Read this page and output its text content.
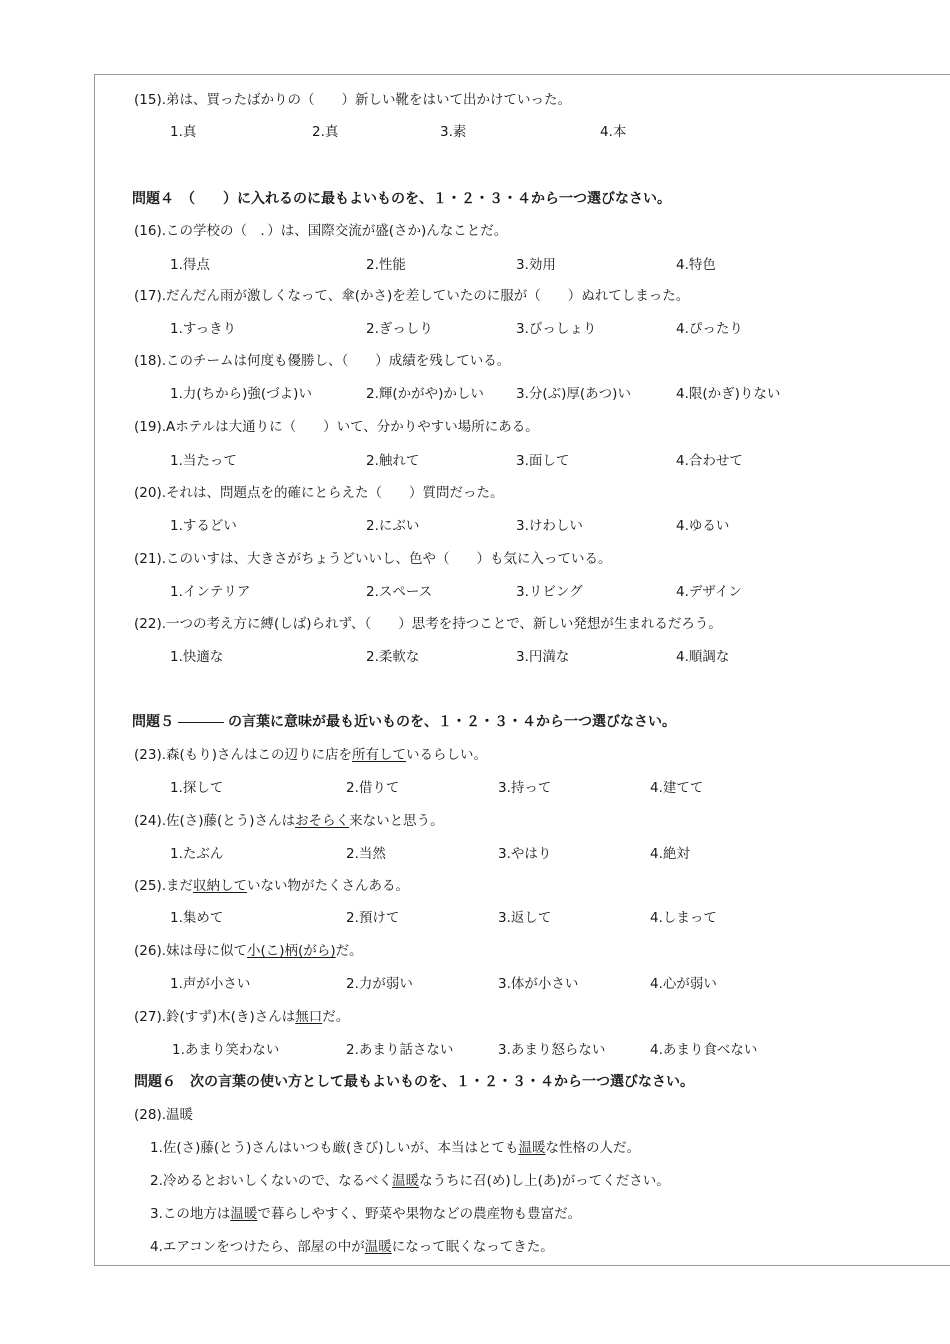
(15).弟は、買ったばかりの（　　）新しい靴をはいて出かけていった。
1.真	2.真	3.素	4.本
問題４　（　　）に入れるのに最もよいものを、１・２・３・４から一つ選びなさい。
(16).この学校の（　．）は、国際交流が盛(さか)んなことだ。
1.得点	2.性能	3.効用	4.特色
(17).だんだん雨が激しくなって、傘(かさ)を差していたのに服が（　　）ぬれてしまった。
1.すっきり	2.ぎっしり	3.びっしょり	4.ぴったり
(18).このチームは何度も優勝し、（　　）成績を残している。
1.力(ちから)強(づよ)い	2.輝(かがや)かしい 3.分(ぶ)厚(あつ)い	4.限(かぎ)りない
(19).Aホテルは大通りに（　　）いて、分かりやすい場所にある。
1.当たって	2.触れて	3.面して	4.合わせて
(20).それは、問題点を的確にとらえた（　　）質問だった。
1.するどい	2.にぶい	3.けわしい	4.ゆるい
(21).このいすは、大きさがちょうどいいし、色や（　　）も気に入っている。
1.インテリア	2.スペース	3.リビング	4.デザイン
(22).一つの考え方に縛(しば)られず、（　　）思考を持つことで、新しい発想が生まれるだろう。
1.快適な	2.柔軟な	3.円満な	4.順調な
問題５	の言葉に意味が最も近いものを、１・２・３・４から一つ選びなさい。
(23).森(もり)さんはこの辺りに店を所有しているらしい。
1.探して	2.借りて	3.持って	4.建てて
(24).佐(さ)藤(とう)さんはおそらく来ないと思う。
1.たぶん	2.当然	3.やはり	4.絶対
(25).まだ収納していない物がたくさんある。
1.集めて	2.預けて	3.返して	4.しまって
(26).妹は母に似て小(こ)柄(がら)だ。
1.声が小さい	2.力が弱い	3.体が小さい	4.心が弱い
(27).鈴(すず)木(き)さんは無口だ。
1.あまり笑わない	2.あまり話さない	3.あまり怒らない	4.あまり食べない
問題６　次の言葉の使い方として最もよいものを、１・２・３・４から一つ選びなさい。
(28).温暖
1.佐(さ)藤(とう)さんはいつも厳(きび)しいが、本当はとても温暖な性格の人だ。
2.冷めるとおいしくないので、なるべく温暖なうちに召(め)し上(あ)がってください。
3.この地方は温暖で暮らしやすく、野菜や果物などの農産物も豊富だ。
4.エアコンをつけたら、部屋の中が温暖になって眠くなってきた。
